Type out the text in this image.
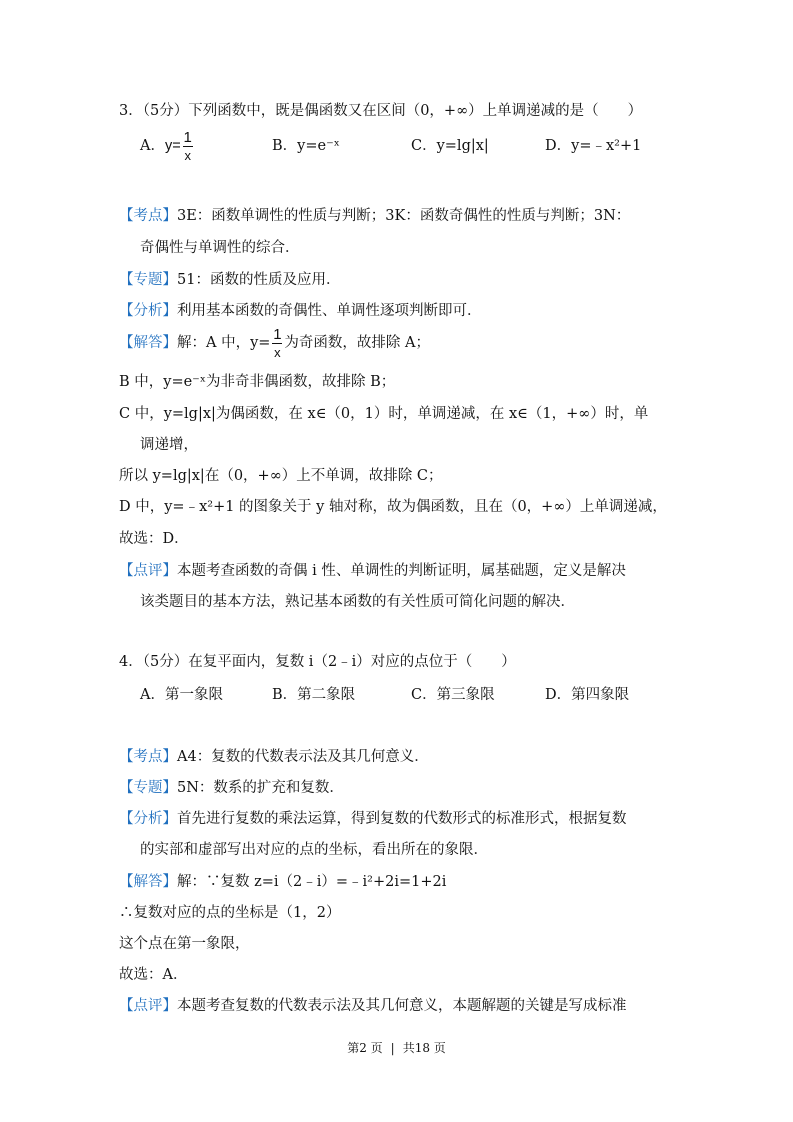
3．（5分）下列函数中，既是偶函数又在区间（0，+∞）上单调递减的是（　　）
A．$y= \frac{1}{x}$	B．y=e⁻ˣ	C．y=lg|x|	D．y=﹣x²+1
【考点】3E：函数单调性的性质与判断；3K：函数奇偶性的性质与判断；3N：
奇偶性与单调性的综合．
【专题】51：函数的性质及应用．
【分析】利用基本函数的奇偶性、单调性逐项判断即可．
【解答】解：A 中，$y= \frac{1}{x}$ 为奇函数，故排除 A；
B 中，y=e⁻ˣ为非奇非偶函数，故排除 B；
C 中，y=lg|x|为偶函数，在 x∈（0，1）时，单调递减，在 x∈（1，+∞）时，单
调递增，
所以 y=lg|x|在（0，+∞）上不单调，故排除 C；
D 中，y=﹣x²+1 的图象关于 y 轴对称，故为偶函数，且在（0，+∞）上单调递减，
故选：D．
【点评】本题考查函数的奇偶 i 性、单调性的判断证明，属基础题，定义是解决
该类题目的基本方法，熟记基本函数的有关性质可简化问题的解决．
4．（5分）在复平面内，复数 i（2﹣i）对应的点位于（　　）
A．第一象限	B．第二象限	C．第三象限	D．第四象限
【考点】A4：复数的代数表示法及其几何意义．
【专题】5N：数系的扩充和复数．
【分析】首先进行复数的乘法运算，得到复数的代数形式的标准形式，根据复数
的实部和虚部写出对应的点的坐标，看出所在的象限．
【解答】解：∵复数 z=i（2﹣i）=﹣i²+2i=1+2i
∴复数对应的点的坐标是（1，2）
这个点在第一象限，
故选：A．
【点评】本题考查复数的代数表示法及其几何意义，本题解题的关键是写成标准
第2 页 | 共18 页
